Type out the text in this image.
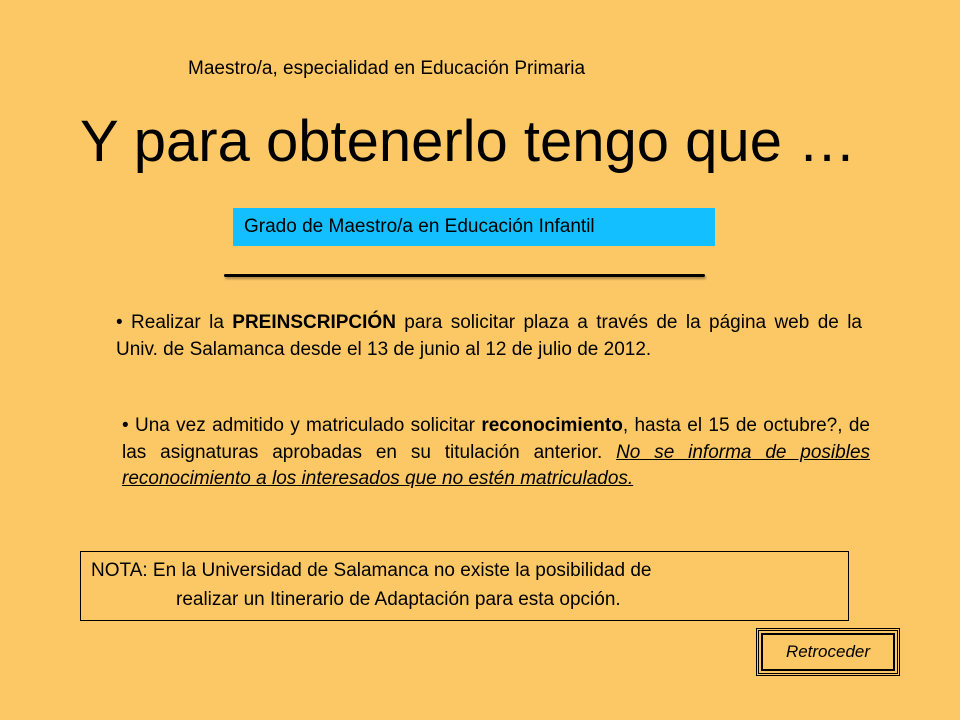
Maestro/a, especialidad en Educación Primaria
Y para obtenerlo tengo que …
Grado de Maestro/a en Educación Infantil
• Realizar la PREINSCRIPCIÓN para solicitar plaza a través de la página web de la Univ. de Salamanca desde el 13 de junio al 12 de julio de 2012.
• Una vez admitido y matriculado solicitar reconocimiento, hasta el 15 de octubre?, de las asignaturas aprobadas en su titulación anterior. No se informa de posibles reconocimiento a los interesados que no estén matriculados.
NOTA: En la Universidad de Salamanca no existe la posibilidad de
realizar un Itinerario de Adaptación para esta opción.
Retroceder
